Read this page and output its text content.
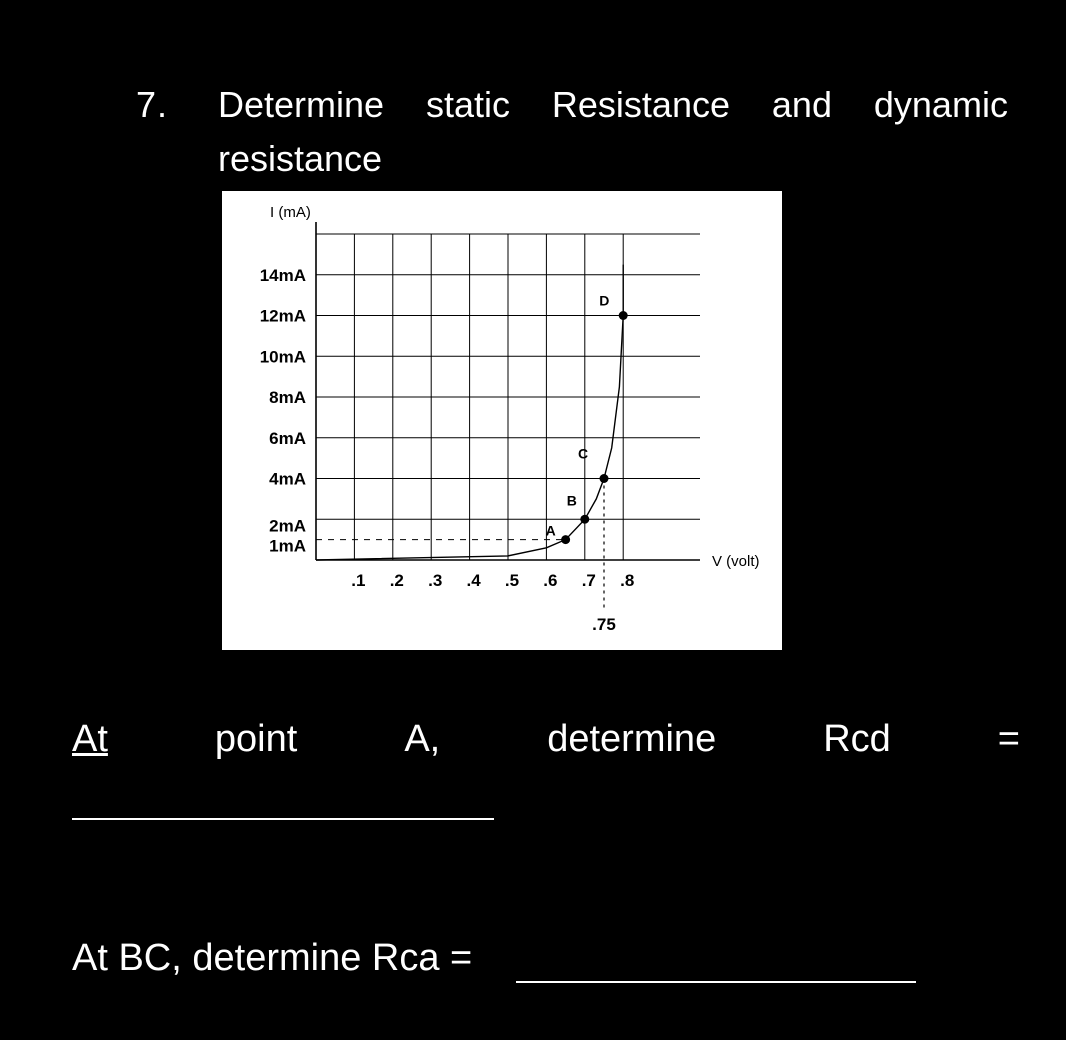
7. Determine static Resistance and dynamic
resistance
.1 .2 .3 .4 .5 .6 .7 .8
.75
1mA
2mA
4mA
6mA
8mA
10mA
12mA
14mA
I (mA)
V (volt)
A
B
C
D
At	point	A,	determine	Rcd	=
At BC, determine Rca =
